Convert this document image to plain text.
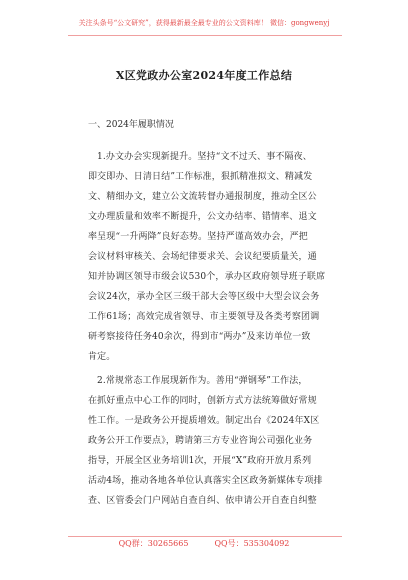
关注头条号“公文研究”，获得最新最全最专业的公文资料库！ 微信：gongwenyj
X区党政办公室2024年度工作总结
一、2024年履职情况
1.办文办会实现新提升。坚持“文不过夭、事不隔夜、
即交即办、日清日结”工作标准，狠抓精准拟文、精减发
文、精细办文，建立公文流转督办通报制度，推动全区公
文办理质量和效率不断提升，公文办结率、错情率、退文
率呈现“一升两降”良好态势。坚持严谨高效办会，严把
会议材料审核关、会场纪律要求关、会议纪要质量关，通
知并协调区领导市级会议530个，承办区政府领导班子联席
会议24次，承办全区三级干部大会等区级中大型会议会务
工作61场；高效完成省领导、市主要领导及各类考察团调
研考察接待任务40余次，得到市“两办”及来访单位一致
肯定。
2.常规常态工作展现新作为。善用“弹钢琴”工作法，
在抓好重点中心工作的同时，创新方式方法统筹做好常规
性工作。一是政务公开提质增效。制定出台《2024年X区
政务公开工作要点》，聘请第三方专业咨询公司强化业务
指导，开展全区业务培训1次，开展“X”政府开放月系列
活动4场，推动各地各单位认真落实全区政务新媒体专项排
查、区管委会门户网站自查自纠、依申请公开自查自纠整
QQ群：30265665	QQ号：535304092
